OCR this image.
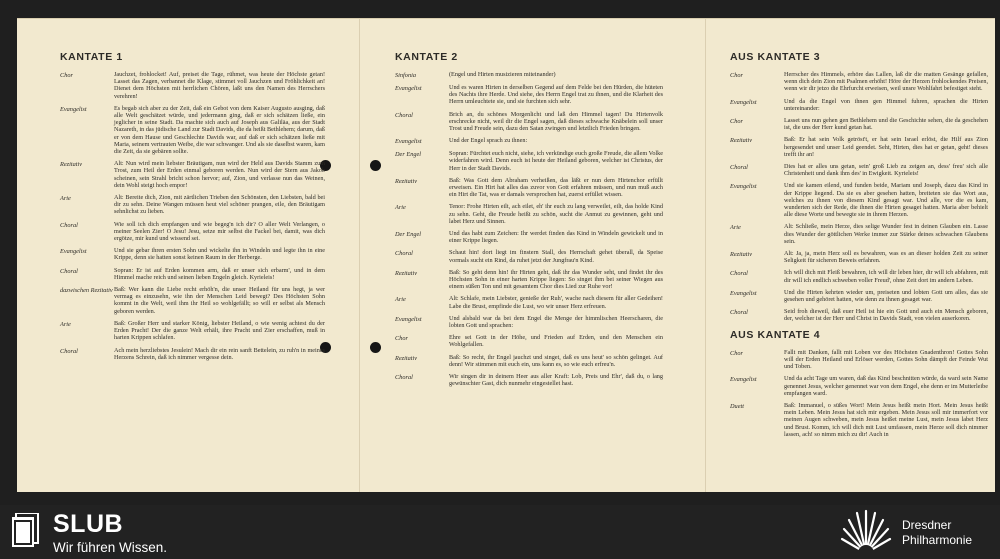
KANTATE 1
Chor	Jauchzet, frohlocket! Auf, preiset die Tage, rühmet, was heute der Höchste getan! Lasset das Zagen, verbannet die Klage, stimmet voll Jauchzen und Fröhlichkeit an! Dienet dem Höchsten mit herrlichen Chören, laßt uns den Namen des Herrschers verehren!
Evangelist	Es begab sich aber zu der Zeit, daß ein Gebot von dem Kaiser Augusto ausging, daß alle Welt geschätzet würde, und jedermann ging, daß er sich schätzen ließe, ein jeglicher in seine Stadt. Da machte sich auch auf Joseph aus Galiläa, aus der Stadt Nazareth, in das jüdische Land zur Stadt Davids, die da heißt Bethlehem; darum, daß er von dem Hause und Geschlechte Davids war, auf daß er sich schätzen ließe mit Maria, seinem vertrauten Weibe, die war schwanger. Und als sie daselbst waren, kam die Zeit, da sie gebären sollte.
Rezitativ	Alt: Nun wird mein liebster Bräutigam, nun wird der Held aus Davids Stamm zum Trost, zum Heil der Erden einmal geboren werden. Nun wird der Stern aus Jakob scheinen, sein Strahl bricht schon hervor; auf, Zion, und verlasse nun das Weinen, dein Wohl steigt hoch empor!
Arie	Alt: Bereite dich, Zion, mit zärtlichen Trieben den Schönsten, den Liebsten, bald bei dir zu sehn. Deine Wangen müssen heut viel schöner prangen, eile, den Bräutigam sehnlichst zu lieben.
Choral	Wie soll ich dich empfangen und wie begeg'n ich dir? O aller Welt Verlangen, o meiner Seelen Zier! O Jesu! Jesu, setze mir selbst die Fackel bei, damit, was dich ergötze, mir kund und wissend sei.
Evangelist	Und sie gebar ihren ersten Sohn und wickelte ihn in Windeln und legte ihn in eine Krippe, denn sie hatten sonst keinen Raum in der Herberge.
Choral	Sopran: Er ist auf Erden kommen arm, daß er unser sich erbarm', und in dem Himmel mache reich und seinen lieben Engeln gleich. Kyrieleis!
dazwischen Rezitativ Baß: Wer kann die Liebe recht erhöh'n, die unser Heiland für uns hegt, ja wer vermag es einzusehn, wie ihn der Menschen Leid bewegt? Des Höchsten Sohn kommt in die Welt, weil ihm ihr Heil so wohlgefällt; so will er selbst als Mensch geboren werden.
Arie	Baß: Großer Herr und starker König, liebster Heiland, o wie wenig achtest du der Erden Pracht! Der die ganze Welt erhält, ihre Pracht und Zier erschaffen, muß in harten Krippen schlafen.
Choral	Ach mein herzliebstes Jesulein! Mach dir ein rein sanft Bettelein, zu ruh'n in meines Herzens Schrein, daß ich nimmer vergesse dein.
KANTATE 2
Sinfonia	(Engel und Hirten musizieren miteinander)
Evangelist	Und es waren Hirten in derselben Gegend auf dem Felde bei den Hürden, die hüteten des Nachts ihre Herde. Und siehe, des Herrn Engel trat zu ihnen, und die Klarheit des Herrn umleuchtete sie, und sie furchten sich sehr.
Choral	Brich an, du schönes Morgenlicht und laß den Himmel tagen! Du Hirtenvolk erschrecke nicht, weil dir die Engel sagen, daß dieses schwache Knäbelein soll unser Trost und Freude sein, dazu den Satan zwingen und letztlich Frieden bringen.
Evangelist	Und der Engel sprach zu ihnen:
Der Engel	Sopran: Fürchtet euch nicht, siehe, ich verkündige euch große Freude, die allem Volke widerfahren wird. Denn euch ist heute der Heiland geboren, welcher ist Christus, der Herr in der Stadt Davids.
Rezitativ	Baß: Was Gott dem Abraham verheißen, das läßt er nun dem Hirtenchor erfüllt erweisen. Ein Hirt hat alles das zuvor von Gott erfahren müssen, und nun muß auch ein Hirt die Tat, was er damals versprochen hat, zuerst erfüllet wissen.
Arie	Tenor: Frohe Hirten eilt, ach eilet, eh' ihr euch zu lang verweilet, eilt, das holde Kind zu sehn. Geht, die Freude heißt zu schön, sucht die Anmut zu gewinnen, geht und labet Herz und Sinnen.
Der Engel	Und das habt zum Zeichen: Ihr werdet finden das Kind in Windeln gewickelt und in einer Krippe liegen.
Choral	Schaut hin! dort liegt im finstern Stall, des Herrschaft gehet überall, da Speise vormals sucht ein Rind, da ruhet jetzt der Jungfrau'n Kind.
Rezitativ	Baß: So geht denn hin! ihr Hirten geht, daß ihr das Wunder seht, und findet ihr des Höchsten Sohn in einer harten Krippe liegen: So singet ihm bei seiner Wiegen aus einem süßen Ton und mit gesamtem Chor dies Lied zur Ruhe vor!
Arie	Alt: Schlafe, mein Liebster, genieße der Ruh', wache nach diesem für aller Gedeihen! Labe die Brust, empfinde die Lust, wo wir unser Herz erfreuen.
Evangelist	Und alsbald war da bei dem Engel die Menge der himmlischen Heerscharen, die lobten Gott und sprachen:
Chor	Ehre sei Gott in der Höhe, und Frieden auf Erden, und den Menschen ein Wohlgefallen.
Rezitativ	Baß: So recht, ihr Engel jauchzt und singet, daß es uns heut' so schön gelinget. Auf denn! Wir stimmen mit euch ein, uns kann es, so wie euch erfreu'n.
Choral	Wir singen dir in deinem Heer aus aller Kraft: Lob, Preis und Ehr', daß du, o lang gewünschter Gast, dich nunmehr eingestellet hast.
AUS KANTATE 3
Chor	Herrscher des Himmels, erhöre das Lallen, laß dir die matten Gesänge gefallen, wenn dich dein Zion mit Psalmen erhöht! Höre der Herzen frohlockendes Preisen, wenn wir dir jetzo die Ehrfurcht erweisen, weil unsre Wohlfahrt befestiget steht.
Evangelist	Und da die Engel von ihnen gen Himmel fuhren, sprachen die Hirten untereinander:
Chor	Lasset uns nun gehen gen Bethlehem und die Geschichte sehen, die da geschehen ist, die uns der Herr kund getan hat.
Rezitativ	Baß: Er hat sein Volk getröst't, er hat sein Israel erlöst, die Hilf aus Zion hergesendet und unser Leid geendet. Seht, Hirten, dies hat er getan, geht! dieses trefft ihr an!
Choral	Dies hat er alles uns getan, sein' groß Lieb zu zeigen an, dess' freu' sich alle Christenheit und dank ihm des' in Ewigkeit. Kyrieleis!
Evangelist	Und sie kamen eilend, und funden beide, Mariam und Joseph, dazu das Kind in der Krippe liegend. Da sie es aber gesehen hatten, breiteten sie das Wort aus, welches zu ihnen von diesem Kind gesagt war. Und alle, vor die es kam, wunderten sich der Rede, die ihnen die Hirten gesaget hatten. Maria aber behielt alle diese Worte und bewegte sie in ihrem Herzen.
Arie	Alt: Schließe, mein Herze, dies selige Wunder fest in deinen Glauben ein. Lasse dies Wunder der göttlichen Werke immer zur Stärke deines schwachen Glaubens sein.
Rezitativ	Alt: Ja, ja, mein Herz soll es bewahren, was es an dieser holden Zeit zu seiner Seligkeit für sicheren Beweis erfahren.
Choral	Ich will dich mit Fleiß bewahren, ich will dir leben hier, dir will ich abfahren, mit dir will ich endlich schweben voller Freud', ohne Zeit dort im andern Leben.
Evangelist	Und die Hirten kehrten wieder um, preiseten und lobten Gott um alles, das sie gesehen und gehöret hatten, wie denn zu ihnen gesaget war.
Choral	Seid froh dieweil, daß euer Heil ist hie ein Gott und auch ein Mensch geboren, der, welcher ist der Herr und Christ in Davids Stadt, von vielen auserkoren.
AUS KANTATE 4
Chor	Fallt mit Danken, fallt mit Loben vor des Höchsten Gnadenthron! Gottes Sohn will der Erden Heiland und Erlöser werden, Gottes Sohn dämpft der Feinde Wut und Toben.
Evangelist	Und da acht Tage um waren, daß das Kind beschnitten würde, da ward sein Name genennet Jesus, welcher genennet war von dem Engel, ehe denn er im Mutterleibe empfangen ward.
Duett	Baß: Immanuel, o süßes Wort! Mein Jesus heißt mein Hort. Mein Jesus heißt mein Leben. Mein Jesus hat sich mir ergeben. Mein Jesus soll mir immerfort vor meinen Augen schweben, mein Jesus heißet meine Lust, mein Jesus labet Herz und Brust. Komm, ich will dich mit Lust umfassen, mein Herze soll dich nimmer lassen, ach! so nimm mich zu dir! Auch in
SLUB
Wir führen Wissen.
Dresdner
Philharmonie
